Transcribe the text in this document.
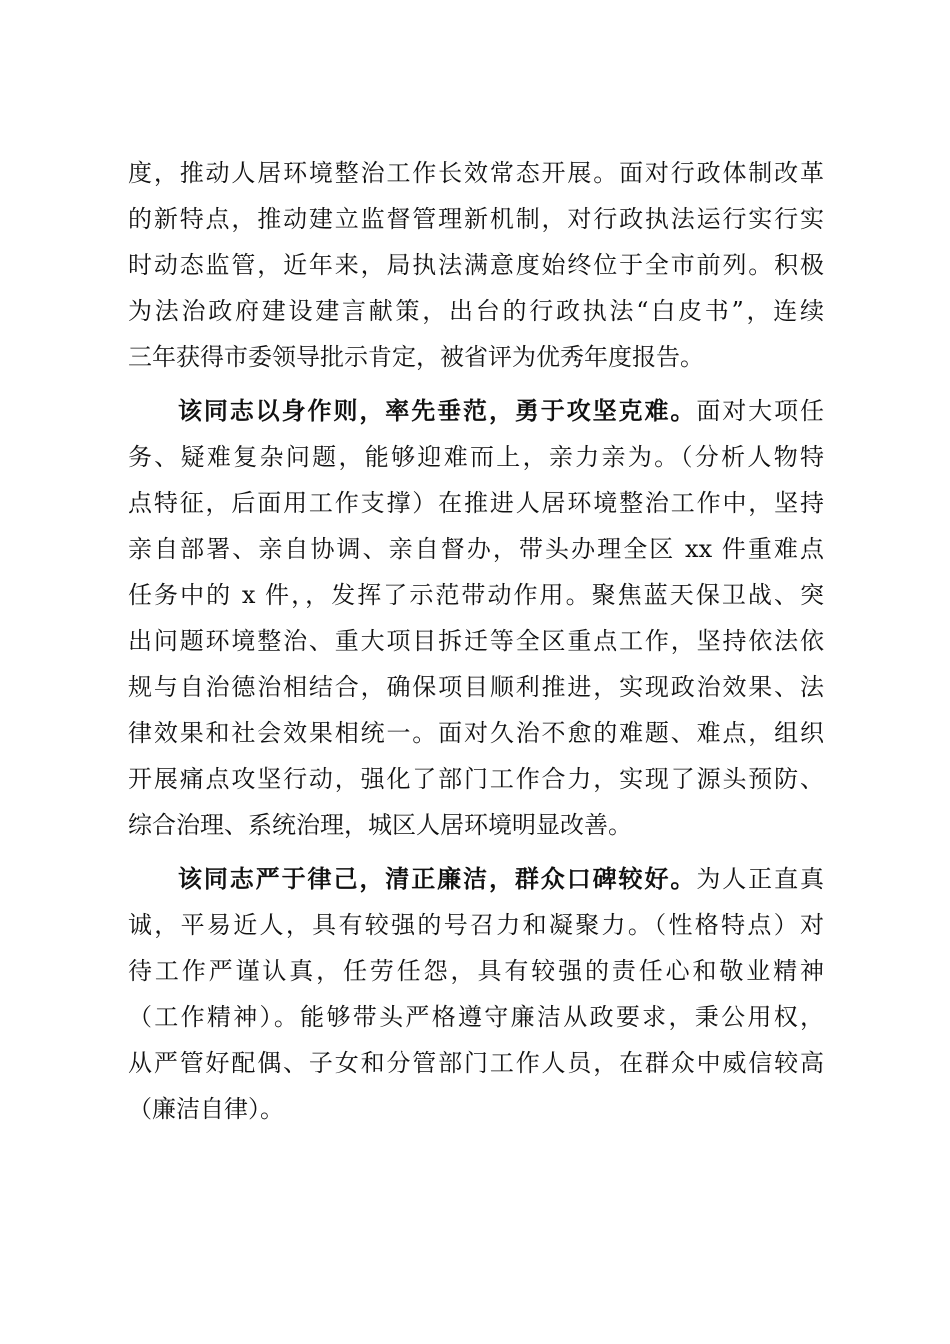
度，推动人居环境整治工作长效常态开展。面对行政体制改革
的新特点，推动建立监督管理新机制，对行政执法运行实行实
时动态监管，近年来，局执法满意度始终位于全市前列。积极
为法治政府建设建言献策，出台的行政执法“白皮书”，连续
三年获得市委领导批示肯定，被省评为优秀年度报告。
该同志以身作则，率先垂范，勇于攻坚克难。面对大项任
务、疑难复杂问题，能够迎难而上，亲力亲为。（分析人物特
点特征，后面用工作支撑）在推进人居环境整治工作中，坚持
亲自部署、亲自协调、亲自督办，带头办理全区 xx 件重难点
任务中的 x 件，，发挥了示范带动作用。聚焦蓝天保卫战、突
出问题环境整治、重大项目拆迁等全区重点工作，坚持依法依
规与自治德治相结合，确保项目顺利推进，实现政治效果、法
律效果和社会效果相统一。面对久治不愈的难题、难点，组织
开展痛点攻坚行动，强化了部门工作合力，实现了源头预防、
综合治理、系统治理，城区人居环境明显改善。
该同志严于律己，清正廉洁，群众口碑较好。为人正直真
诚，平易近人，具有较强的号召力和凝聚力。（性格特点）对
待工作严谨认真，任劳任怨，具有较强的责任心和敬业精神
（工作精神）。能够带头严格遵守廉洁从政要求，秉公用权，
从严管好配偶、子女和分管部门工作人员，在群众中威信较高
（廉洁自律）。
